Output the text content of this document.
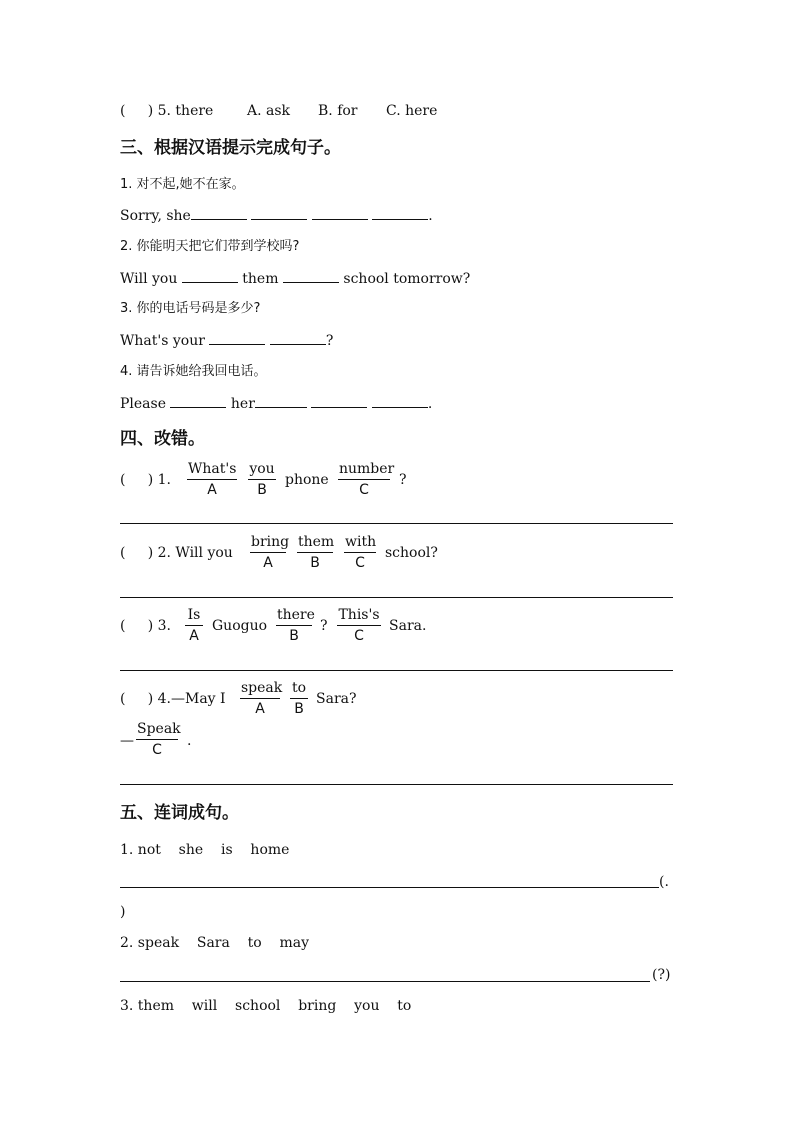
(     ) 5. there A. ask B. for C. here
三、根据汉语提示完成句子。
1. 对不起,她不在家。
Sorry, she	.
2. 你能明天把它们带到学校吗?
Will you	them	school tomorrow?
3. 你的电话号码是多少?
What's your	?
4. 请告诉她给我回电话。
Please	her	.
四、改错。
(     ) 1.
What's
A
you
B
phone
number
C
?
(     ) 2. Will you
bring
A
them
B
with
C
school?
(     ) 3. $\frac{Is}{A}$ Guoguo
there
B
?
This's
C
Sara.
(     ) 4.—May I
speak
A	$\frac{to}{B}$ Sara?
—
Speak
C
.
五、连词成句。
1. not    she    is    home
(.
)
2. speak    Sara    to    may
(?)
3. them    will    school    bring    you    to
